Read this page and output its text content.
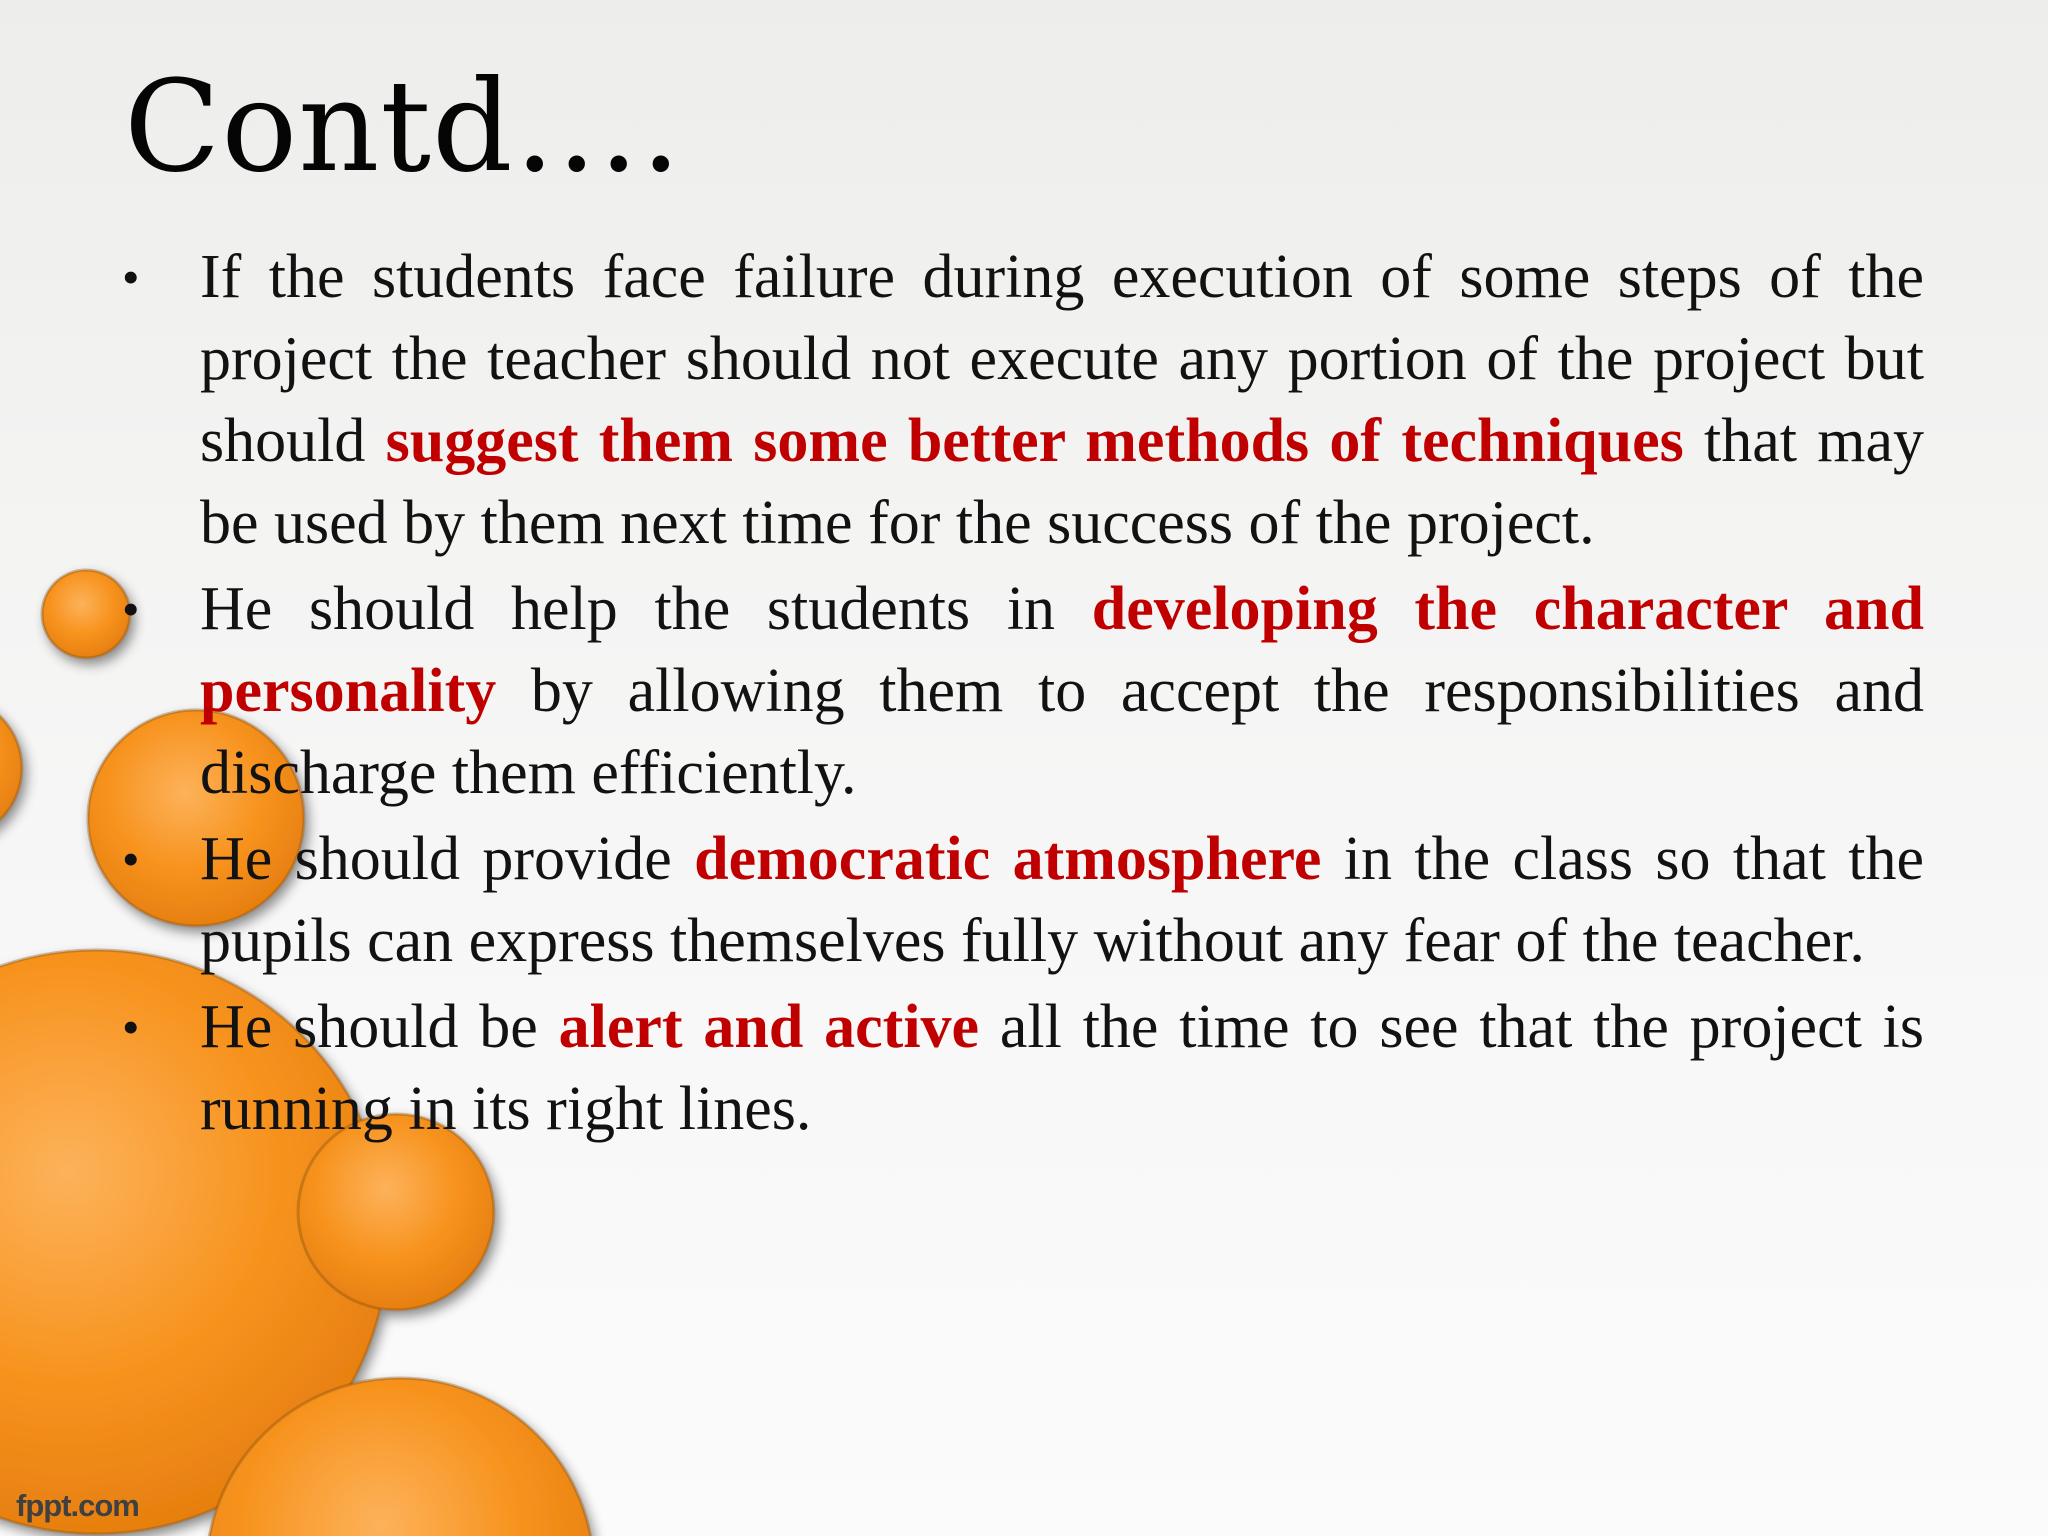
Contd….
• If the students face failure during execution of some steps of the project the teacher should not execute any portion of the project but should suggest them some better methods of techniques that may be used by them next time for the success of the project.
• He should help the students in developing the character and personality by allowing them to accept the responsibilities and discharge them efficiently.
• He should provide democratic atmosphere in the class so that the pupils can express themselves fully without any fear of the teacher.
• He should be alert and active all the time to see that the project is running in its right lines.
fppt.com
